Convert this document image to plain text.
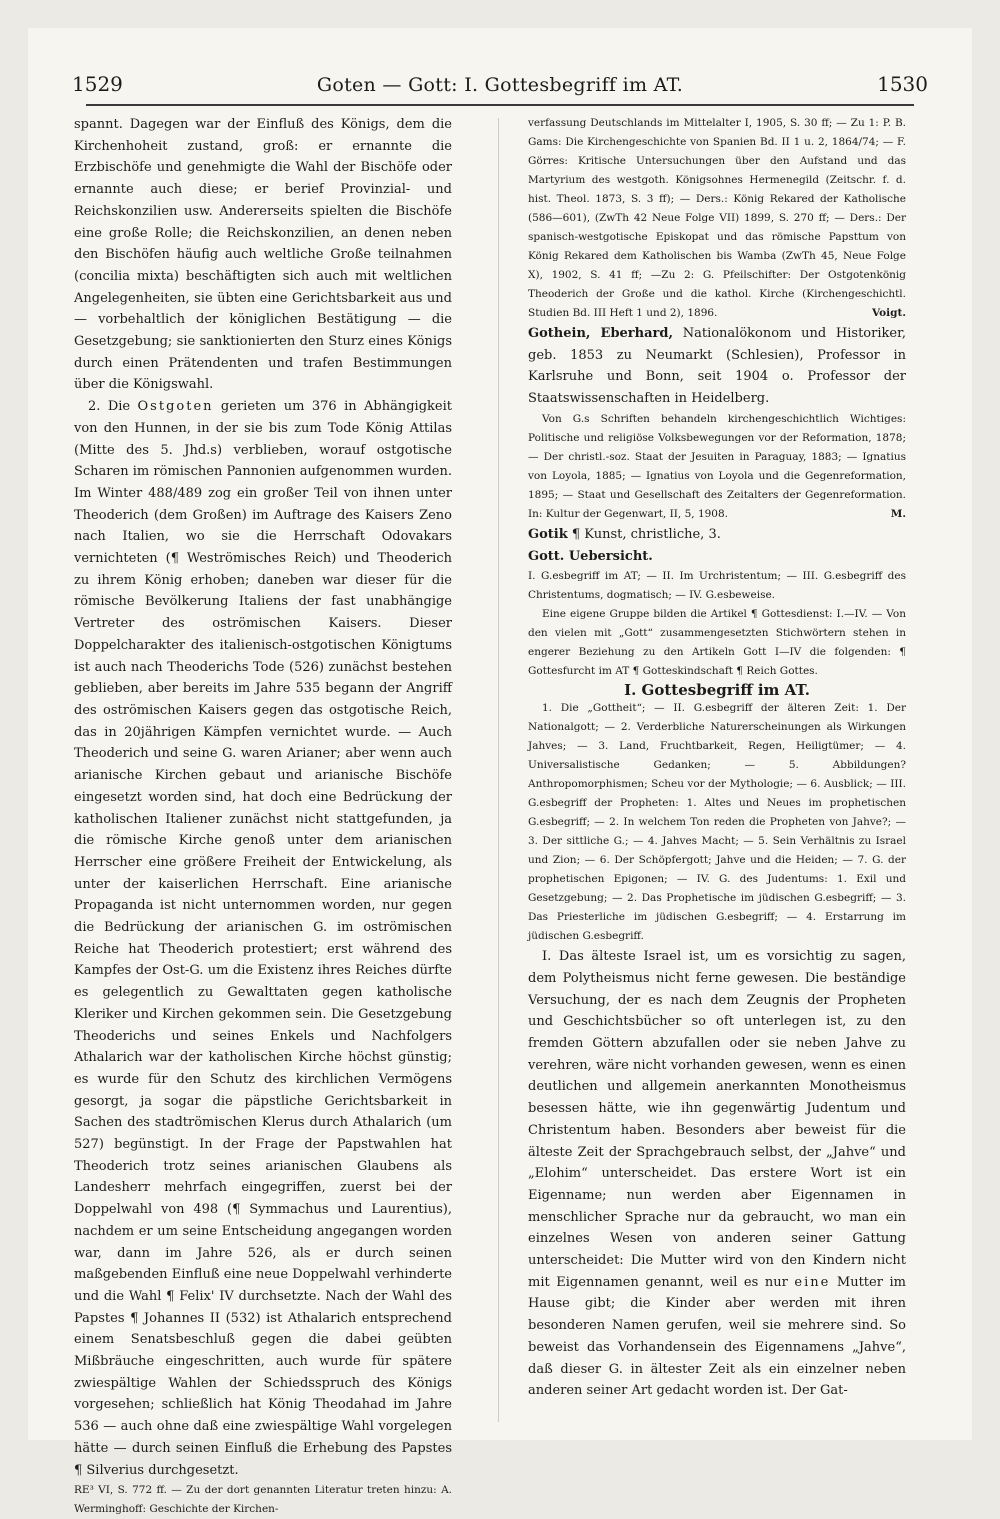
1529	Goten — Gott: I. Gottesbegriff im AT.	1530

spannt. Dagegen war der Einfluß des Königs, dem die Kirchenhoheit zustand, groß: er ernannte die Erzbischöfe und genehmigte die Wahl der Bischöfe oder ernannte auch diese; er berief Provinzial- und Reichskonzilien usw. Andererseits spielten die Bischöfe eine große Rolle; die Reichskonzilien, an denen neben den Bischöfen häufig auch weltliche Große teilnahmen (concilia mixta) beschäftigten sich auch mit weltlichen Angelegenheiten, sie übten eine Gerichtsbarkeit aus und — vorbehaltlich der königlichen Bestätigung — die Gesetzgebung; sie sanktionierten den Sturz eines Königs durch einen Prätendenten und trafen Bestimmungen über die Königswahl.

2. Die Ostgoten gerieten um 376 in Abhängigkeit von den Hunnen, in der sie bis zum Tode König Attilas (Mitte des 5. Jhd.s) verblieben, worauf ostgotische Scharen im römischen Pannonien aufgenommen wurden. Im Winter 488/489 zog ein großer Teil von ihnen unter Theoderich (dem Großen) im Auftrage des Kaisers Zeno nach Italien, wo sie die Herrschaft Odovakars vernichteten (¶ Weströmisches Reich) und Theoderich zu ihrem König erhoben; daneben war dieser für die römische Bevölkerung Italiens der fast unabhängige Vertreter des oströmischen Kaisers. Dieser Doppelcharakter des italienisch-ostgotischen Königtums ist auch nach Theoderichs Tode (526) zunächst bestehen geblieben, aber bereits im Jahre 535 begann der Angriff des oströmischen Kaisers gegen das ostgotische Reich, das in 20jährigen Kämpfen vernichtet wurde. — Auch Theoderich und seine G. waren Arianer; aber wenn auch arianische Kirchen gebaut und arianische Bischöfe eingesetzt worden sind, hat doch eine Bedrückung der katholischen Italiener zunächst nicht stattgefunden, ja die römische Kirche genoß unter dem arianischen Herrscher eine größere Freiheit der Entwickelung, als unter der kaiserlichen Herrschaft. Eine arianische Propaganda ist nicht unternommen worden, nur gegen die Bedrückung der arianischen G. im oströmischen Reiche hat Theoderich protestiert; erst während des Kampfes der Ost-G. um die Existenz ihres Reiches dürfte es gelegentlich zu Gewalttaten gegen katholische Kleriker und Kirchen gekommen sein. Die Gesetzgebung Theoderichs und seines Enkels und Nachfolgers Athalarich war der katholischen Kirche höchst günstig; es wurde für den Schutz des kirchlichen Vermögens gesorgt, ja sogar die päpstliche Gerichtsbarkeit in Sachen des stadtrömischen Klerus durch Athalarich (um 527) begünstigt. In der Frage der Papstwahlen hat Theoderich trotz seines arianischen Glaubens als Landesherr mehrfach eingegriffen, zuerst bei der Doppelwahl von 498 (¶ Symmachus und Laurentius), nachdem er um seine Entscheidung angegangen worden war, dann im Jahre 526, als er durch seinen maßgebenden Einfluß eine neue Doppelwahl verhinderte und die Wahl ¶ Felix' IV durchsetzte. Nach der Wahl des Papstes ¶ Johannes II (532) ist Athalarich entsprechend einem Senatsbeschluß gegen die dabei geübten Mißbräuche eingeschritten, auch wurde für spätere zwiespältige Wahlen der Schiedsspruch des Königs vorgesehen; schließlich hat König Theodahad im Jahre 536 — auch ohne daß eine zwiespältige Wahl vorgelegen hätte — durch seinen Einfluß die Erhebung des Papstes ¶ Silverius durchgesetzt.

RE³ VI, S. 772 ff. — Zu der dort genannten Literatur treten hinzu: A. Werminghoff: Geschichte der Kirchen-

verfassung Deutschlands im Mittelalter I, 1905, S. 30 ff; — Zu 1: P. B. Gams: Die Kirchengeschichte von Spanien Bd. II 1 u. 2, 1864/74; — F. Görres: Kritische Untersuchungen über den Aufstand und das Martyrium des westgoth. Königsohnes Hermenegild (Zeitschr. f. d. hist. Theol. 1873, S. 3 ff); — Ders.: König Rekared der Katholische (586—601), (ZwTh 42 Neue Folge VII) 1899, S. 270 ff; — Ders.: Der spanisch-westgotische Episkopat und das römische Papsttum von König Rekared dem Katholischen bis Wamba (ZwTh 45, Neue Folge X), 1902, S. 41 ff; —Zu 2: G. Pfeilschifter: Der Ostgotenkönig Theoderich der Große und die kathol. Kirche (Kirchengeschichtl. Studien Bd. III Heft 1 und 2), 1896.	Voigt.

Gothein, Eberhard, Nationalökonom und Historiker, geb. 1853 zu Neumarkt (Schlesien), Professor in Karlsruhe und Bonn, seit 1904 o. Professor der Staatswissenschaften in Heidelberg.

Von G.s Schriften behandeln kirchengeschichtlich Wichtiges: Politische und religiöse Volksbewegungen vor der Reformation, 1878; — Der christl.-soz. Staat der Jesuiten in Paraguay, 1883; — Ignatius von Loyola, 1885; — Ignatius von Loyola und die Gegenreformation, 1895; — Staat und Gesellschaft des Zeitalters der Gegenreformation. In: Kultur der Gegenwart, II, 5, 1908.	M.

Gotik ¶ Kunst, christliche, 3.

Gott. Uebersicht.

I. G.esbegriff im AT; — II. Im Urchristentum; — III. G.esbegriff des Christentums, dogmatisch; — IV. G.esbeweise.

Eine eigene Gruppe bilden die Artikel ¶ Gottesdienst: I.—IV. — Von den vielen mit „Gott“ zusammengesetzten Stichwörtern stehen in engerer Beziehung zu den Artikeln Gott I—IV die folgenden: ¶ Gottesfurcht im AT ¶ Gotteskindschaft ¶ Reich Gottes.

I. Gottesbegriff im AT.

1. Die „Gottheit“; — II. G.esbegriff der älteren Zeit: 1. Der Nationalgott; — 2. Verderbliche Naturerscheinungen als Wirkungen Jahves; — 3. Land, Fruchtbarkeit, Regen, Heiligtümer; — 4. Universalistische Gedanken; — 5. Abbildungen? Anthropomorphismen; Scheu vor der Mythologie; — 6. Ausblick; — III. G.esbegriff der Propheten: 1. Altes und Neues im prophetischen G.esbegriff; — 2. In welchem Ton reden die Propheten von Jahve?; — 3. Der sittliche G.; — 4. Jahves Macht; — 5. Sein Verhältnis zu Israel und Zion; — 6. Der Schöpfergott; Jahve und die Heiden; — 7. G. der prophetischen Epigonen; — IV. G. des Judentums: 1. Exil und Gesetzgebung; — 2. Das Prophetische im jüdischen G.esbegriff; — 3. Das Priesterliche im jüdischen G.esbegriff; — 4. Erstarrung im jüdischen G.esbegriff.

I. Das älteste Israel ist, um es vorsichtig zu sagen, dem Polytheismus nicht ferne gewesen. Die beständige Versuchung, der es nach dem Zeugnis der Propheten und Geschichtsbücher so oft unterlegen ist, zu den fremden Göttern abzufallen oder sie neben Jahve zu verehren, wäre nicht vorhanden gewesen, wenn es einen deutlichen und allgemein anerkannten Monotheismus besessen hätte, wie ihn gegenwärtig Judentum und Christentum haben. Besonders aber beweist für die älteste Zeit der Sprachgebrauch selbst, der „Jahve“ und „Elohim“ unterscheidet. Das erstere Wort ist ein Eigenname; nun werden aber Eigennamen in menschlicher Sprache nur da gebraucht, wo man ein einzelnes Wesen von anderen seiner Gattung unterscheidet: Die Mutter wird von den Kindern nicht mit Eigennamen genannt, weil es nur eine Mutter im Hause gibt; die Kinder aber werden mit ihren besonderen Namen gerufen, weil sie mehrere sind. So beweist das Vorhandensein des Eigennamens „Jahve“, daß dieser G. in ältester Zeit als ein einzelner neben anderen seiner Art gedacht worden ist. Der Gat-
